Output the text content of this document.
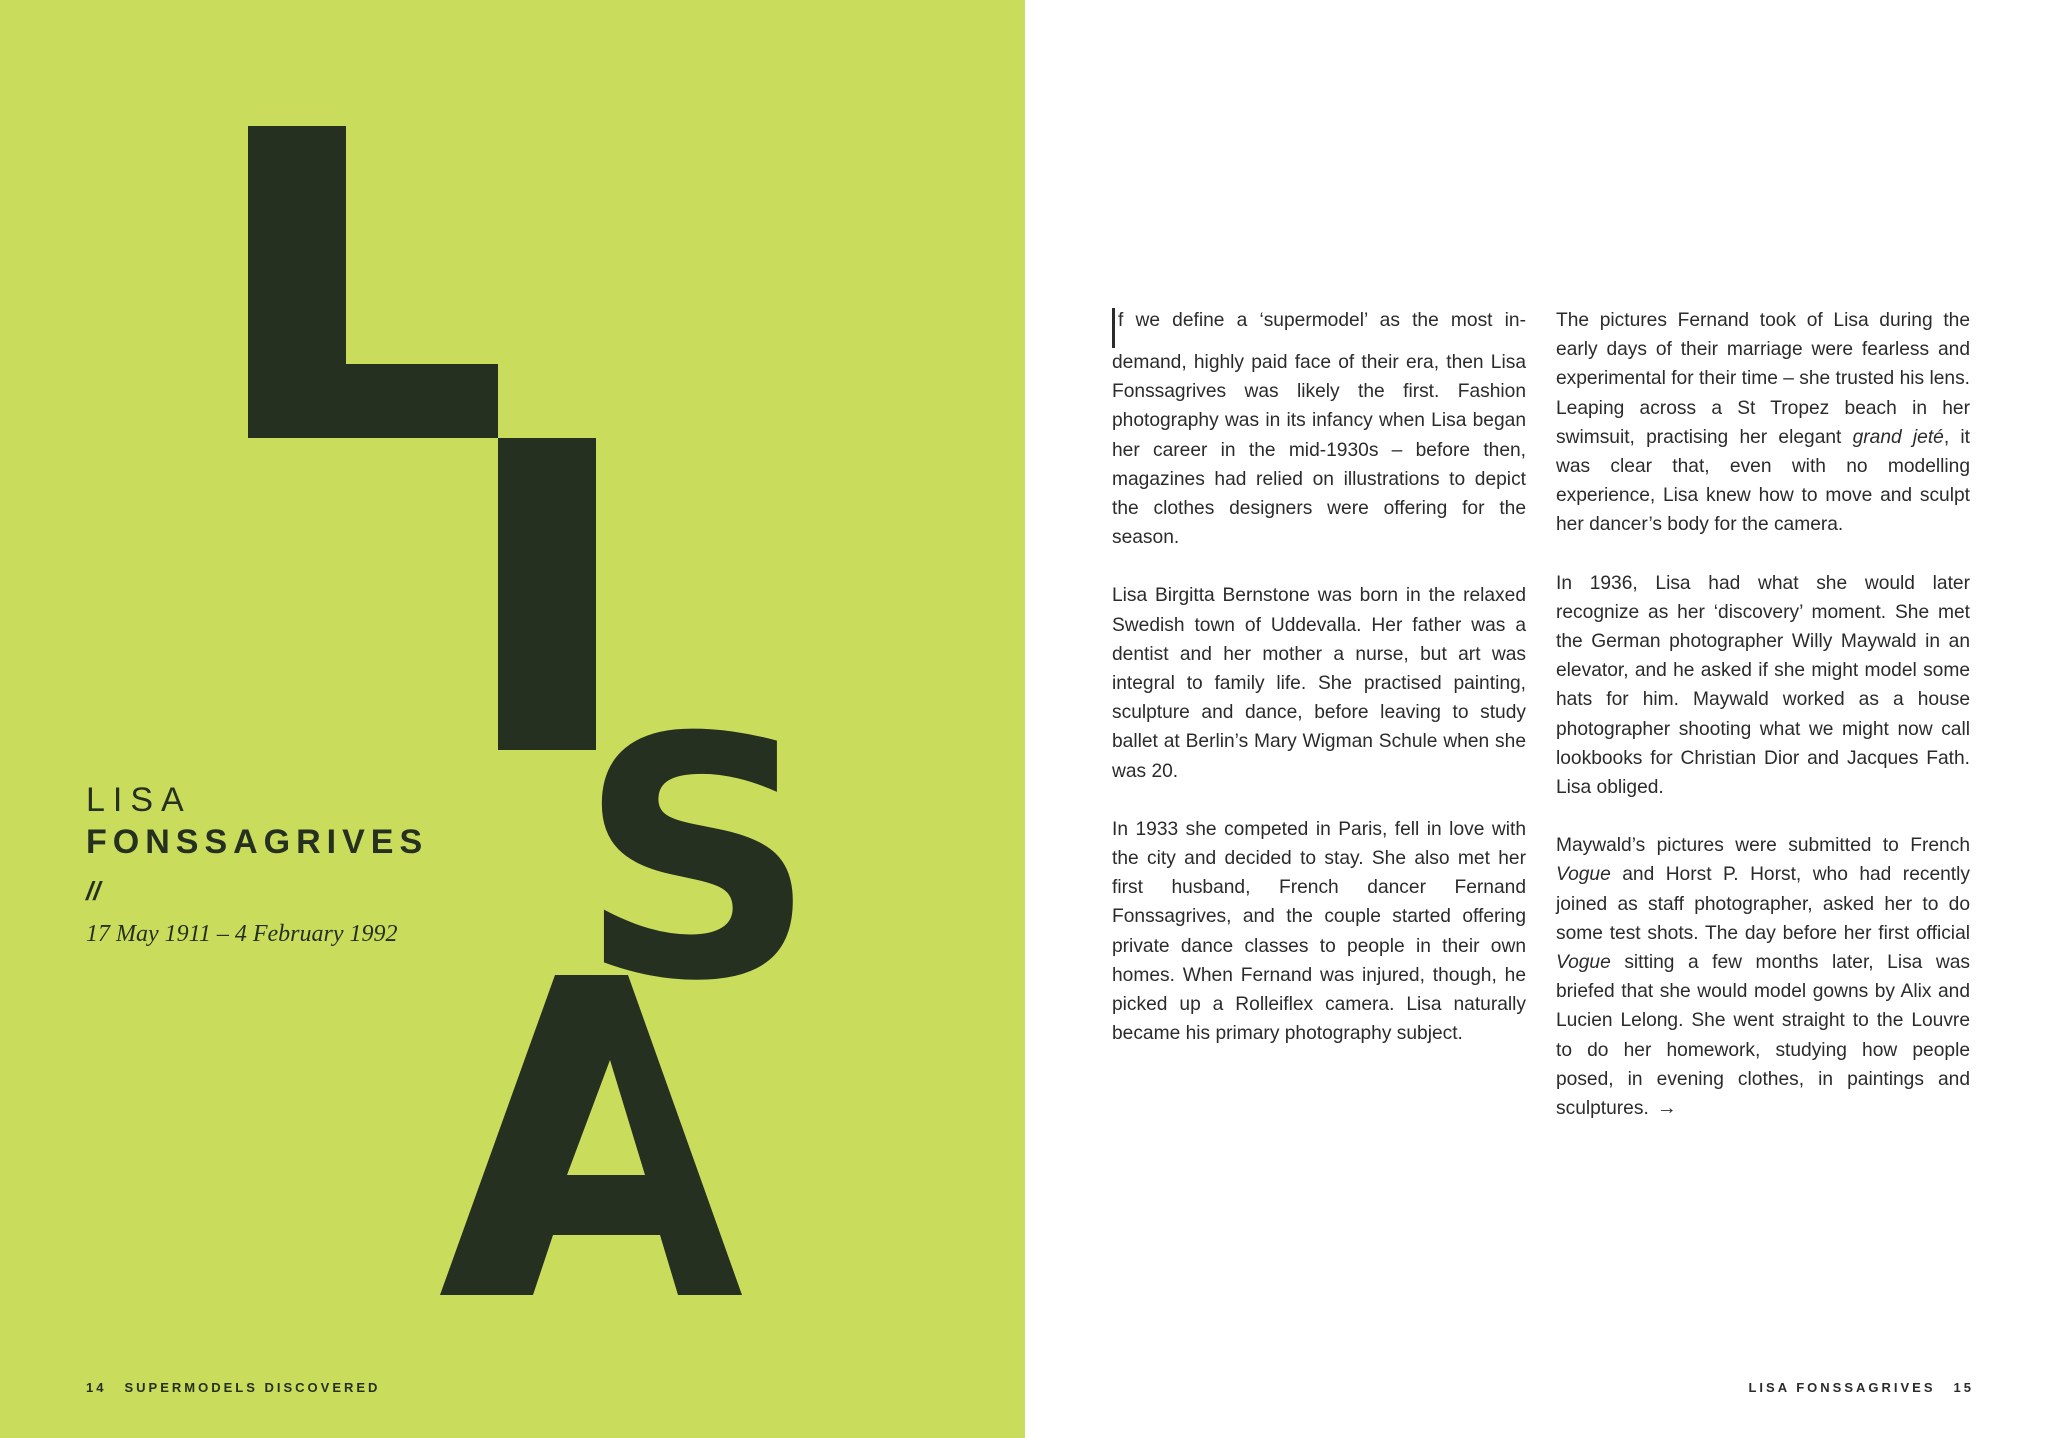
S
LISA
FONSSAGRIVES
//
17 May 1911 – 4 February 1992
14 SUPERMODELS DISCOVERED

f we define a ‘supermodel’ as the most in-demand, highly paid face of their era, then Lisa Fonssagrives was likely the first. Fashion photography was in its infancy when Lisa began her career in the mid-1930s – before then, magazines had relied on illustrations to depict the clothes designers were offering for the season.

Lisa Birgitta Bernstone was born in the relaxed Swedish town of Uddevalla. Her father was a dentist and her mother a nurse, but art was integral to family life. She practised painting, sculpture and dance, before leaving to study ballet at Berlin’s Mary Wigman Schule when she was 20.

In 1933 she competed in Paris, fell in love with the city and decided to stay. She also met her first husband, French dancer Fernand Fonssagrives, and the couple started offering private dance classes to people in their own homes. When Fernand was injured, though, he picked up a Rolleiflex camera. Lisa naturally became his primary photography subject.

The pictures Fernand took of Lisa during the early days of their marriage were fearless and experimental for their time – she trusted his lens. Leaping across a St Tropez beach in her swimsuit, practising her elegant grand jeté, it was clear that, even with no modelling experience, Lisa knew how to move and sculpt her dancer’s body for the camera.

In 1936, Lisa had what she would later recognize as her ‘discovery’ moment. She met the German photographer Willy Maywald in an elevator, and he asked if she might model some hats for him. Maywald worked as a house photographer shooting what we might now call lookbooks for Christian Dior and Jacques Fath. Lisa obliged.

Maywald’s pictures were submitted to French Vogue and Horst P. Horst, who had recently joined as staff photographer, asked her to do some test shots. The day before her first official Vogue sitting a few months later, Lisa was briefed that she would model gowns by Alix and Lucien Lelong. She went straight to the Louvre to do her homework, studying how people posed, in evening clothes, in paintings and sculptures. →

LISA FONSSAGRIVES 15
